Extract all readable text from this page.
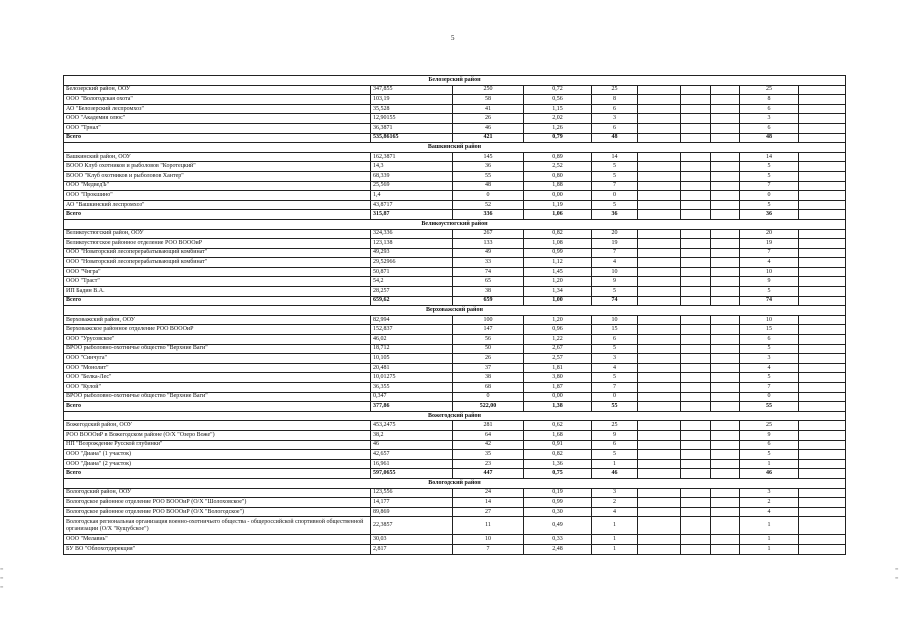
5
=
=
=
=
=
Белозерский район									
Белозерский район, ООУ	347,855	250	0,72	25				25	
ООО "Вологодская охота"	103,19	58	0,56	8				8	
АО "Белозерский леспромхоз"	35,528	41	1,15	6				6	
ООО "Академия олюс"	12,90155	26	2,02	3				3	
ООО "Трнал"	36,3871	46	1,26	6				6	
Всего	535,86165	421	0,79	48				48	
Вашкинский район									
Вашкинский район, ООУ	162,3871	145	0,89	14				14	
ВООО Клуб охотников и рыболовов "Коротецкий"	14,3	36	2,52	5				5	
ВООО "Клуб охотников и рыболовов Хантер"	68,339	55	0,80	5				5	
ООО "МедведЪ"	25,569	48	1,88	7				7	
ООО "Прокшино"	1,4	0	0,00	0				0	
АО "Вашкинский леспромхоз"	43,8717	52	1,19	5				5	
Всего	315,87	336	1,06	36				36	
Великоустюгский район									
Великоустюгский район, ООУ	324,336	267	0,82	20				20	
Великоустюгское районное отделение РОО ВОООиР	123,138	133	1,08	19				19	
ООО "Новаторский лесоперерабатывающий комбинат"	49,293	49	0,99	7				7	
ООО "Новаторский лесоперерабатывающий комбинат"	29,52966	33	1,12	4				4	
ООО "Чнгра"	50,871	74	1,45	10				10	
ООО "Траст"	54,2	65	1,20	9				9	
ИП Бадин В.А.	28,257	38	1,34	5				5	
Всего	659,62	659	1,00	74				74	
Верховажский район									
Верховажский район, ООУ	82,994	100	1,20	10				10	
Верховажское районное отделение РОО ВОООиР	152,837	147	0,96	15				15	
ООО "Урусовское"	46,02	56	1,22	6				6	
ВРОО рыболовно-охотничье общество "Верхние Ваги"	18,712	50	2,67	5				5	
ООО "Синчуга"	10,105	26	2,57	3				3	
ООО "Монолит"	20,481	37	1,81	4				4	
ООО "Белка-Лес"	10,01275	38	3,80	5				5	
ООО "Кулой"	36,355	68	1,87	7				7	
ВРОО рыболовно-охотничье общество "Верхние Ваги"	0,347	0	0,00	0				0	
Всего	377,86	522,00	1,38	55				55	
Вожегодский район									
Вожегодский район, ООУ	453,2475	281	0,62	25				25	
РОО ВОООиР в Вожегодском районе (О/Х "Озеро Воже")	38,2	64	1,68	9				9	
НП "Возрождение Русской глубинки"	46	42	0,91	6				6	
ООО "Диана" (1 участок)	42,657	35	0,82	5				5	
ООО "Диана" (2 участок)	16,961	23	1,36	1				1	
Всего	597,0655	447	0,75	46				46	
Вологодский район									
Вологодский район, ООУ	123,556	24	0,19	3				3	
Вологодское районное отделение РОО ВОООиР (О/Х "Шолоховское")	14,177	14	0,99	2				2	
Вологодское районное отделение РОО ВОООиР (О/Х "Вологодское")	89,869	27	0,30	4				4	
Вологодская региональная организация военно-охотничьего общества - общероссийской спортивной общественной организации (О/Х "Кущубское")	22,3857	11	0,49	1				1	
ООО "Мелавиь"	30,03	10	0,33	1				1	
БУ ВО "Облохотдирекция"	2,817	7	2,48	1				1	
